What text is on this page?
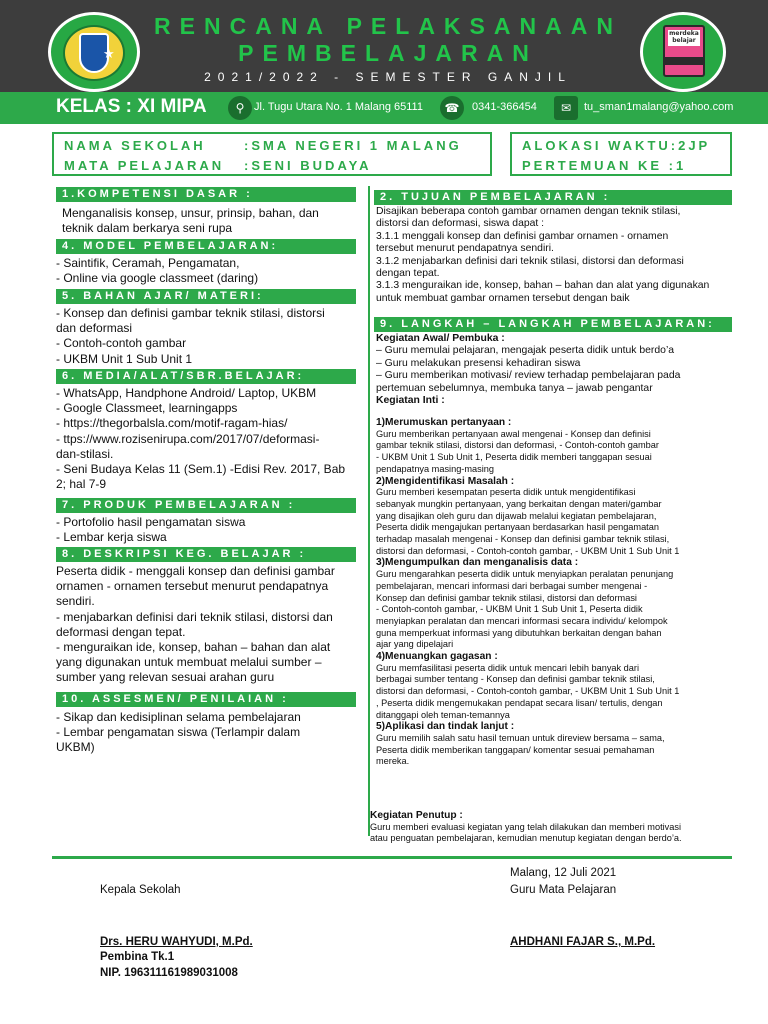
★
RENCANA PELAKSANAAN
PEMBELAJARAN
2021/2022 - SEMESTER GANJIL
merdeka belajar
KELAS : XI MIPA	⚲ Jl. Tugu Utara No. 1 Malang 65111	☎	0341-366454	✉	tu_sman1malang@yahoo.com
NAMA SEKOLAH	:SMA NEGERI 1 MALANG
MATA PELAJARAN :SENI BUDAYA
ALOKASI WAKTU:2JP
PERTEMUAN KE :1
1.KOMPETENSI DASAR :
Menganalisis konsep, unsur, prinsip, bahan, dan
teknik dalam berkarya seni rupa
4. MODEL PEMBELAJARAN:
- Saintifik, Ceramah, Pengamatan,
- Online via google classmeet (daring)
5. BAHAN AJAR/ MATERI:
- Konsep dan definisi gambar teknik stilasi, distorsi
dan deformasi
- Contoh-contoh gambar
- UKBM Unit 1 Sub Unit 1
6. MEDIA/ALAT/SBR.BELAJAR:
- WhatsApp, Handphone Android/ Laptop, UKBM
- Google Classmeet, learningapps
- https://thegorbalsla.com/motif-ragam-hias/
- ttps://www.rozisenirupa.com/2017/07/deformasi-
dan-stilasi.
- Seni Budaya Kelas 11 (Sem.1) -Edisi Rev. 2017, Bab
2; hal 7-9
7. PRODUK PEMBELAJARAN :
- Portofolio hasil pengamatan siswa
- Lembar kerja siswa
8. DESKRIPSI KEG. BELAJAR :
Peserta didik - menggali konsep dan definisi gambar
ornamen - ornamen tersebut menurut pendapatnya
sendiri.
- menjabarkan definisi dari teknik stilasi, distorsi dan
deformasi dengan tepat.
- menguraikan ide, konsep, bahan – bahan dan alat
yang digunakan untuk membuat melalui sumber –
sumber yang relevan sesuai arahan guru
10. ASSESMEN/ PENILAIAN :
- Sikap dan kedisiplinan selama pembelajaran
- Lembar pengamatan siswa (Terlampir dalam
UKBM)
2. TUJUAN PEMBELAJARAN :
Disajikan beberapa contoh gambar ornamen dengan teknik stilasi,
distorsi dan deformasi, siswa dapat :
3.1.1 menggali konsep dan definisi gambar ornamen - ornamen
tersebut menurut pendapatnya sendiri.
3.1.2 menjabarkan definisi dari teknik stilasi, distorsi dan deformasi
dengan tepat.
3.1.3 menguraikan ide, konsep, bahan – bahan dan alat yang digunakan
untuk membuat gambar ornamen tersebut dengan baik
9. LANGKAH – LANGKAH PEMBELAJARAN:
Kegiatan Awal/ Pembuka :
– Guru memulai pelajaran, mengajak peserta didik untuk berdo’a
– Guru melakukan presensi kehadiran siswa
– Guru memberikan motivasi/ review terhadap pembelajaran pada
pertemuan sebelumnya, membuka tanya – jawab pengantar
Kegiatan Inti :
1)Merumuskan pertanyaan :
Guru memberikan pertanyaan awal mengenai - Konsep dan definisi
gambar teknik stilasi, distorsi dan deformasi, - Contoh-contoh gambar
- UKBM Unit 1 Sub Unit 1, Peserta didik memberi tanggapan sesuai
pendapatnya masing-masing
2)Mengidentifikasi Masalah :
Guru memberi kesempatan peserta didik untuk mengidentifikasi
sebanyak mungkin pertanyaan, yang berkaitan dengan materi/gambar
yang disajikan oleh guru dan dijawab melalui kegiatan pembelajaran,
Peserta didik mengajukan pertanyaan berdasarkan hasil pengamatan
terhadap masalah mengenai - Konsep dan definisi gambar teknik stilasi,
distorsi dan deformasi, - Contoh-contoh gambar, - UKBM Unit 1 Sub Unit 1
3)Mengumpulkan dan menganalisis data :
Guru mengarahkan peserta didik untuk menyiapkan peralatan penunjang
pembelajaran, mencari informasi dari berbagai sumber mengenai -
Konsep dan definisi gambar teknik stilasi, distorsi dan deformasi
- Contoh-contoh gambar, - UKBM Unit 1 Sub Unit 1, Peserta didik
menyiapkan peralatan dan mencari informasi secara individu/ kelompok
guna memperkuat informasi yang dibutuhkan berkaitan dengan bahan
ajar yang dipelajari
4)Menuangkan gagasan :
Guru memfasilitasi peserta didik untuk mencari lebih banyak dari
berbagai sumber tentang - Konsep dan definisi gambar teknik stilasi,
distorsi dan deformasi, - Contoh-contoh gambar, - UKBM Unit 1 Sub Unit 1
, Peserta didik mengemukakan pendapat secara lisan/ tertulis, dengan
ditanggapi oleh teman-temannya
5)Aplikasi dan tindak lanjut :
Guru memilih salah satu hasil temuan untuk direview bersama – sama,
Peserta didik memberikan tanggapan/ komentar sesuai pemahaman
mereka.
Kegiatan Penutup :
Guru memberi evaluasi kegiatan yang telah dilakukan dan memberi motivasi
atau penguatan pembelajaran, kemudian menutup kegiatan dengan berdo’a.
Kepala Sekolah
Drs. HERU WAHYUDI, M.Pd.
Pembina Tk.1
NIP. 196311161989031008
Malang, 12 Juli 2021
Guru Mata Pelajaran
AHDHANI FAJAR S., M.Pd.
